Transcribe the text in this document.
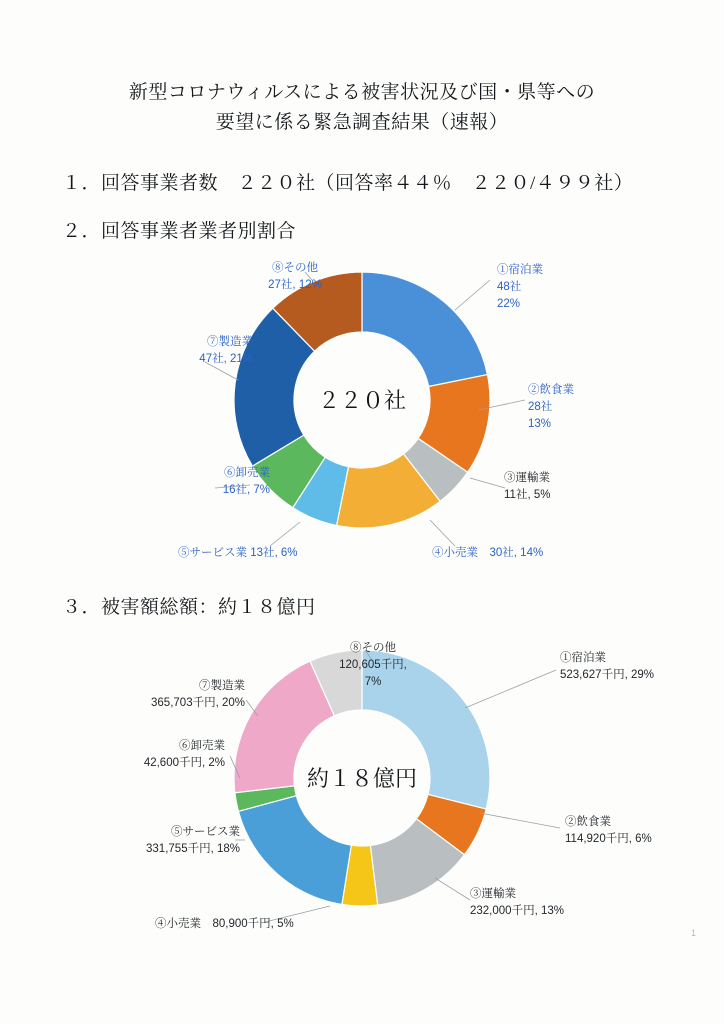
新型コロナウィルスによる被害状況及び国・県等への
要望に係る緊急調査結果（速報）
１．回答事業者数　２２０社（回答率４４％　２２０/４９９社）
２．回答事業者業者別割合
２２０社
①宿泊業
48社
22%
②飲食業
28社
13%
③運輸業
11社, 5%
④小売業　30社, 14%
⑤サービス業 13社, 6%
⑥卸売業
16社, 7%
⑦製造業
47社, 21%
⑧その他
27社, 12%
３．被害額総額：約１８億円
約１８億円
①宿泊業
523,627千円, 29%
②飲食業
114,920千円, 6%
③運輸業
232,000千円, 13%
④小売業　80,900千円, 5%
⑤サービス業
331,755千円, 18%
⑥卸売業
42,600千円, 2%
⑦製造業
365,703千円, 20%
⑧その他
120,605千円,
7%
1
